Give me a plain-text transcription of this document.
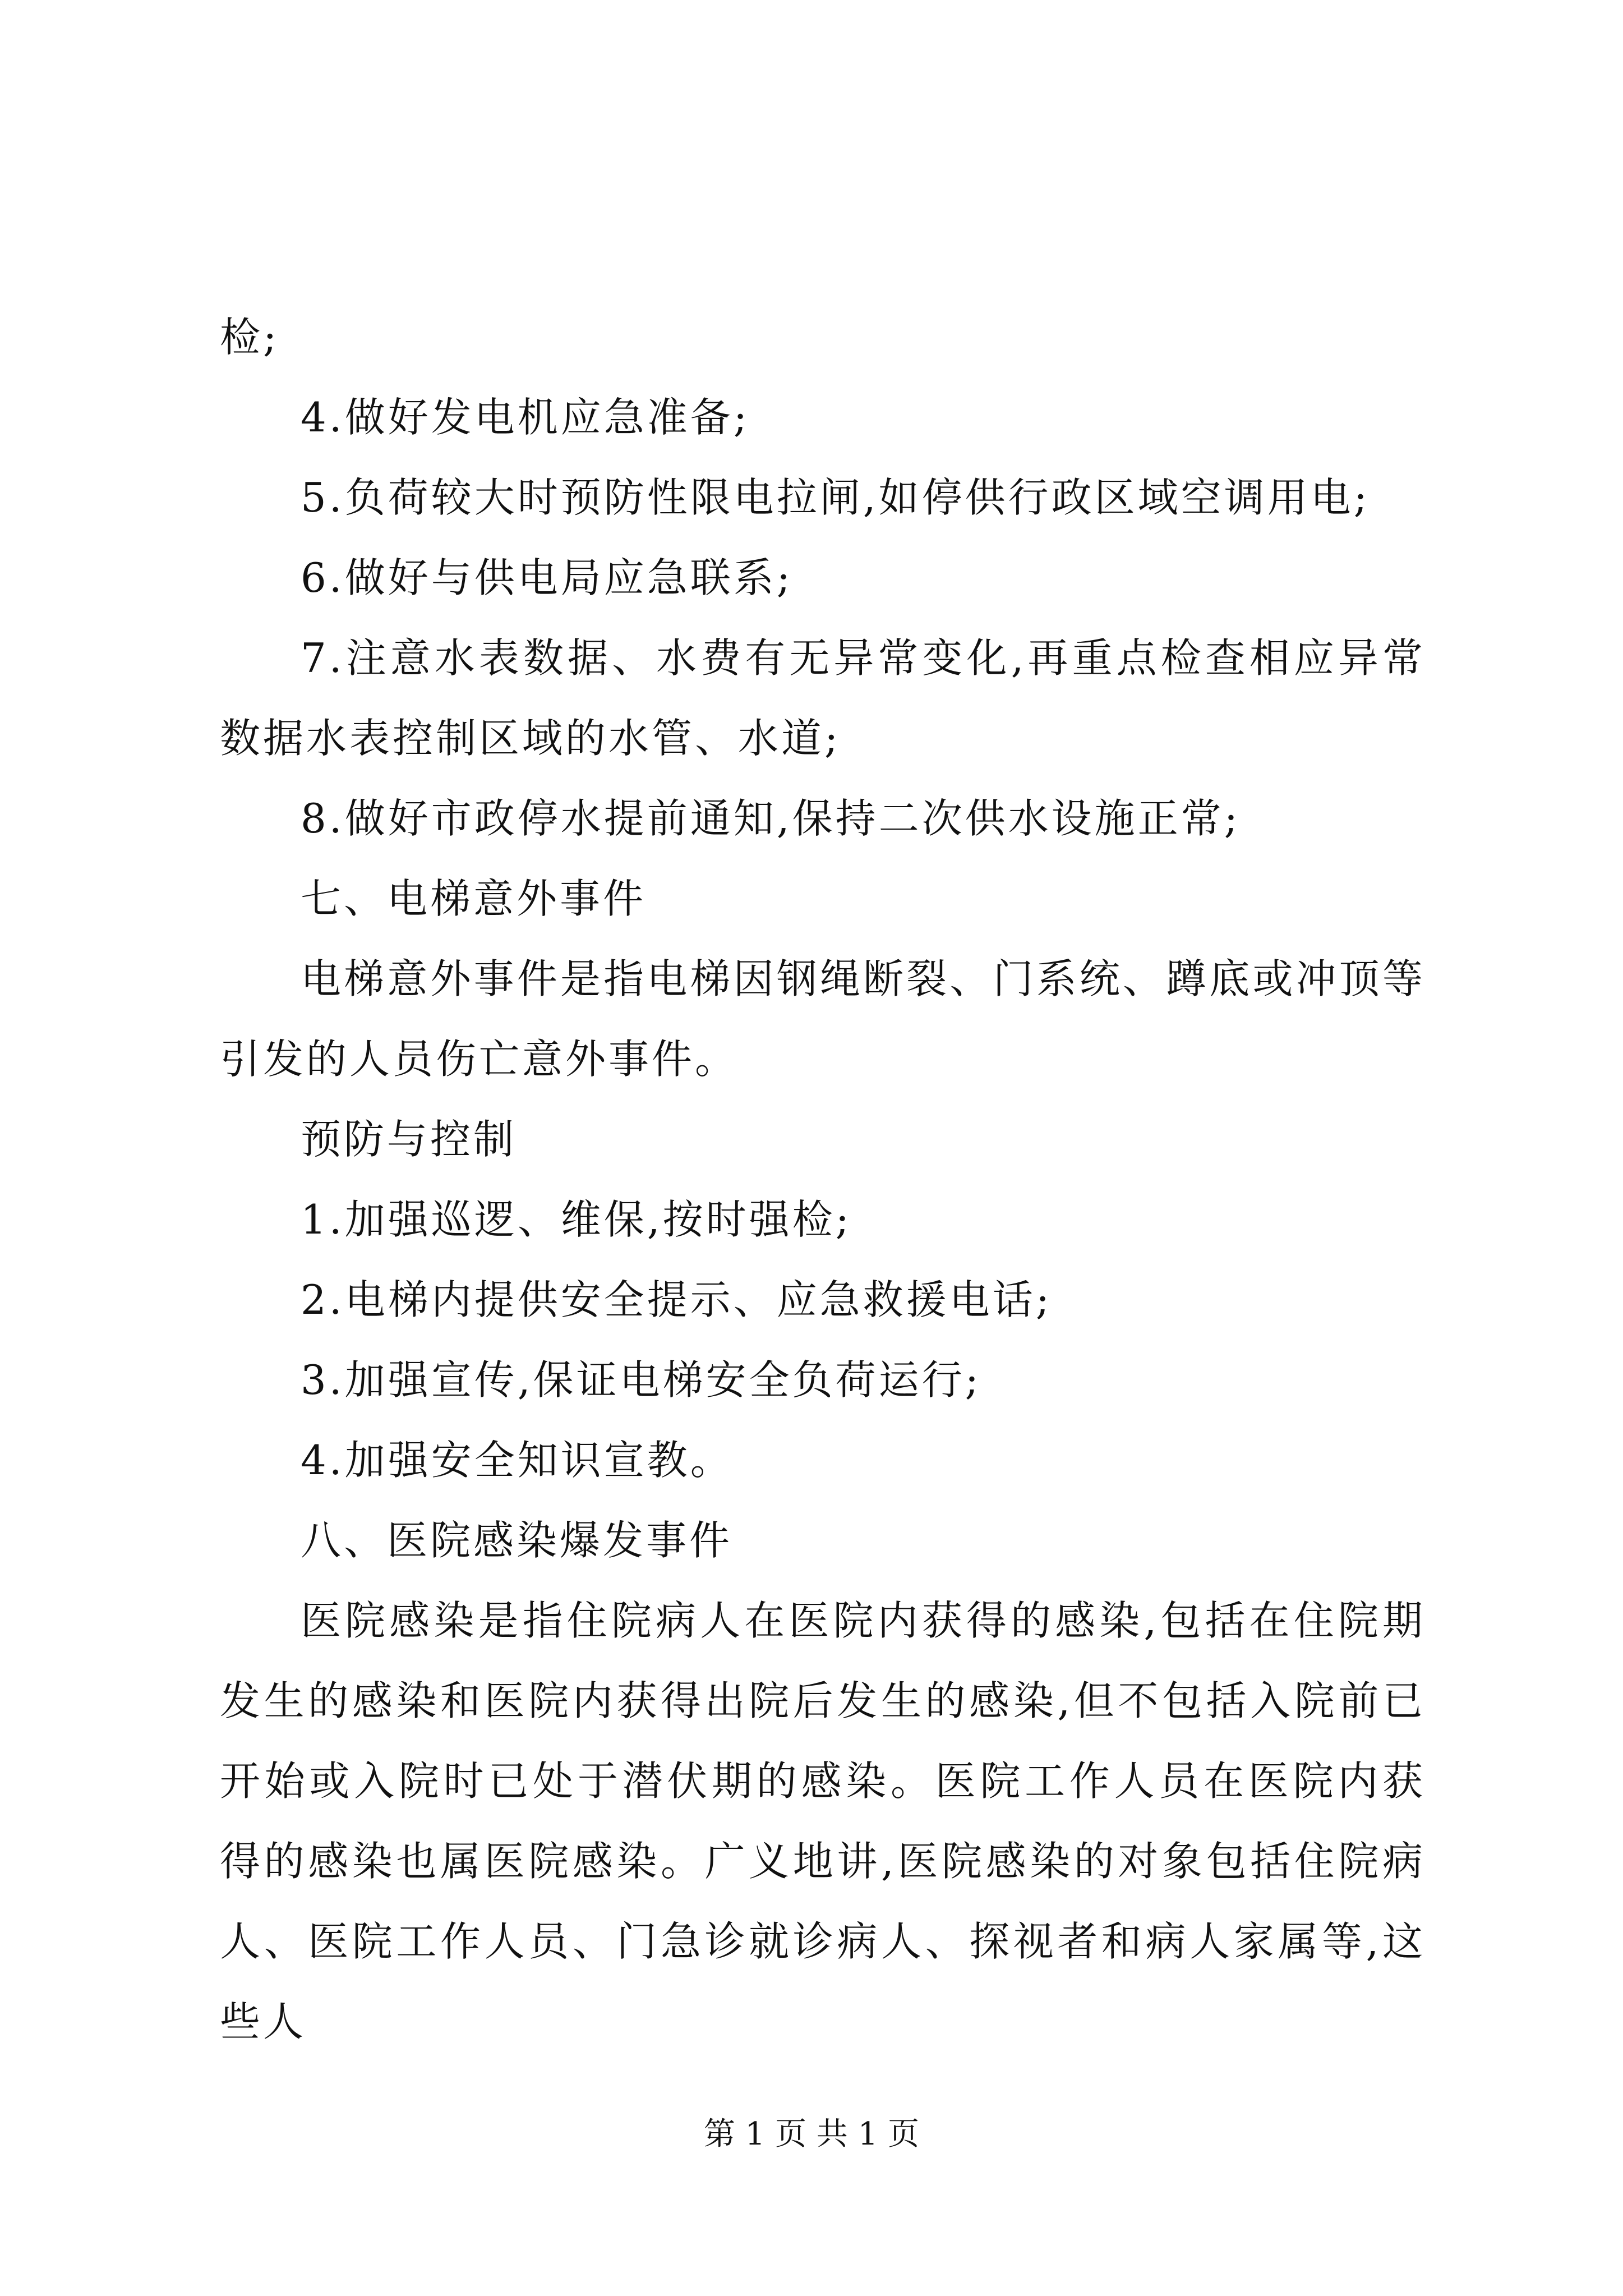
检;

4.做好发电机应急准备;

5.负荷较大时预防性限电拉闸,如停供行政区域空调用电;

6.做好与供电局应急联系;

7.注意水表数据、水费有无异常变化,再重点检查相应异常数据水表控制区域的水管、水道;

8.做好市政停水提前通知,保持二次供水设施正常;

七、电梯意外事件

电梯意外事件是指电梯因钢绳断裂、门系统、蹲底或冲顶等引发的人员伤亡意外事件。

预防与控制

1.加强巡逻、维保,按时强检;

2.电梯内提供安全提示、应急救援电话;

3.加强宣传,保证电梯安全负荷运行;

4.加强安全知识宣教。

八、医院感染爆发事件

医院感染是指住院病人在医院内获得的感染,包括在住院期发生的感染和医院内获得出院后发生的感染,但不包括入院前已开始或入院时已处于潜伏期的感染。医院工作人员在医院内获得的感染也属医院感染。广义地讲,医院感染的对象包括住院病人、医院工作人员、门急诊就诊病人、探视者和病人家属等,这些人

第 1 页 共 1 页
